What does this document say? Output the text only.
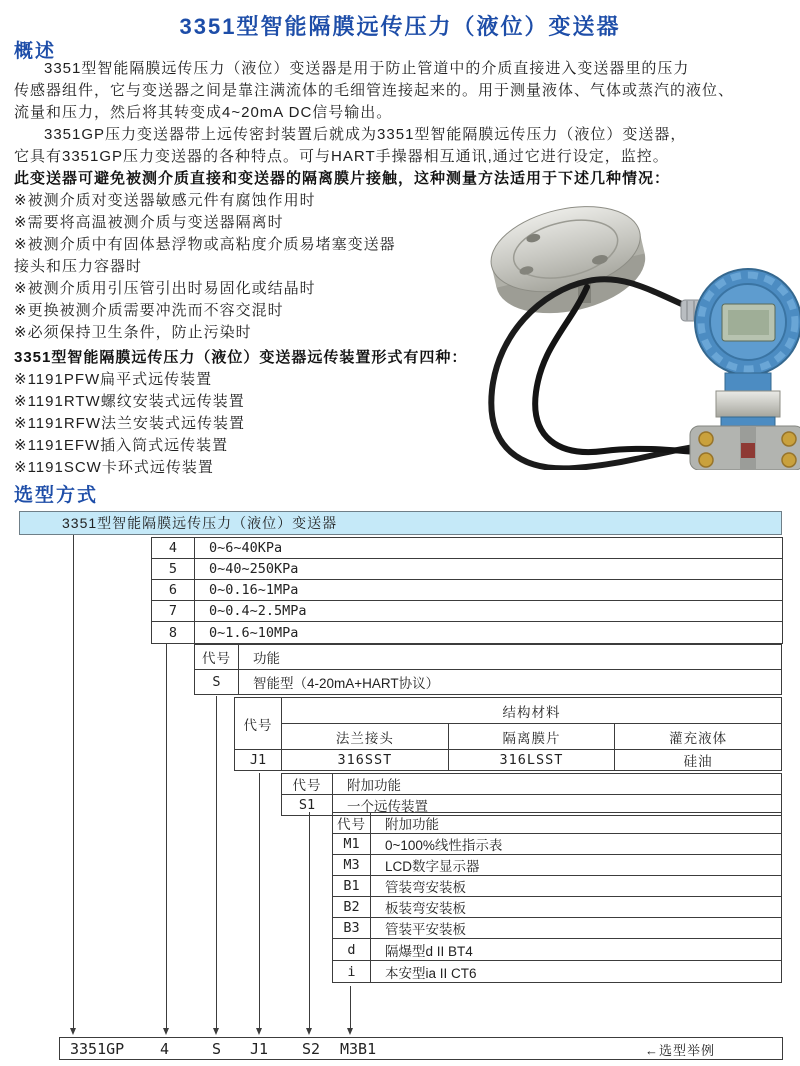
3351型智能隔膜远传压力（液位）变送器
概述
3351型智能隔膜远传压力（液位）变送器是用于防止管道中的介质直接进入变送器里的压力
传感器组件，它与变送器之间是靠注满流体的毛细管连接起来的。用于测量液体、气体或蒸汽的液位、
流量和压力，然后将其转变成4~20mA DC信号输出。
3351GP压力变送器带上远传密封装置后就成为3351型智能隔膜远传压力（液位）变送器，
它具有3351GP压力变送器的各种特点。可与HART手操器相互通讯,通过它进行设定，监控。
此变送器可避免被测介质直接和变送器的隔离膜片接触，这种测量方法适用于下述几种情况：
※被测介质对变送器敏感元件有腐蚀作用时
※需要将高温被测介质与变送器隔离时
※被测介质中有固体悬浮物或高粘度介质易堵塞变送器
接头和压力容器时
※被测介质用引压管引出时易固化或结晶时
※更换被测介质需要冲洗而不容交混时
※必须保持卫生条件，防止污染时
3351型智能隔膜远传压力（液位）变送器远传装置形式有四种：
※1191PFW扁平式远传装置
※1191RTW螺纹安装式远传装置
※1191RFW法兰安装式远传装置
※1191EFW插入筒式远传装置
※1191SCW卡环式远传装置
选型方式
3351型智能隔膜远传压力（液位）变送器
4	0~6~40KPa
5	0~40~250KPa
6	0~0.16~1MPa
7	0~0.4~2.5MPa
8	0~1.6~10MPa
代号	功能
S	智能型（4-20mA+HART协议）
代号	结构材料		
	法兰接头	隔离膜片	灌充液体
J1	316SST	316LSST	硅油
代号	附加功能
S1	一个远传装置
代号	附加功能
M1	0~100%线性指示表
M3	LCD数字显示器
B1	管装弯安装板
B2	板装弯安装板
B3	管装平安装板
d	隔爆型d II BT4
i	本安型ia II CT6
3351GP 4	S J1 S2 M3B1	←选型举例
